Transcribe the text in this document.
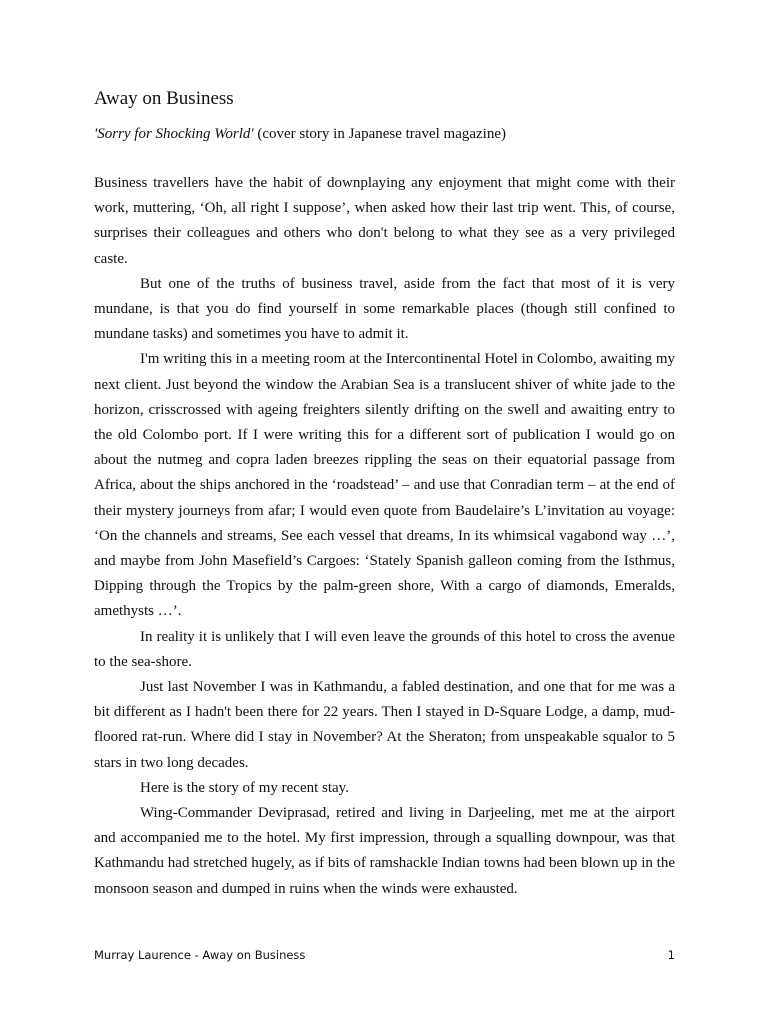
Away on Business

'Sorry for Shocking World' (cover story in Japanese travel magazine)

Business travellers have the habit of downplaying any enjoyment that might come with their work, muttering, ‘Oh, all right I suppose’, when asked how their last trip went. This, of course, surprises their colleagues and others who don't belong to what they see as a very privileged caste.

But one of the truths of business travel, aside from the fact that most of it is very mundane, is that you do find yourself in some remarkable places (though still confined to mundane tasks) and sometimes you have to admit it.

I'm writing this in a meeting room at the Intercontinental Hotel in Colombo, awaiting my next client. Just beyond the window the Arabian Sea is a translucent shiver of white jade to the horizon, crisscrossed with ageing freighters silently drifting on the swell and awaiting entry to the old Colombo port. If I were writing this for a different sort of publication I would go on about the nutmeg and copra laden breezes rippling the seas on their equatorial passage from Africa, about the ships anchored in the ‘roadstead’ – and use that Conradian term – at the end of their mystery journeys from afar; I would even quote from Baudelaire’s L’invitation au voyage: ‘On the channels and streams, See each vessel that dreams, In its whimsical vagabond way …’, and maybe from John Masefield’s Cargoes: ‘Stately Spanish galleon coming from the Isthmus, Dipping through the Tropics by the palm-green shore, With a cargo of diamonds, Emeralds, amethysts …’.

In reality it is unlikely that I will even leave the grounds of this hotel to cross the avenue to the sea-shore.

Just last November I was in Kathmandu, a fabled destination, and one that for me was a bit different as I hadn't been there for 22 years. Then I stayed in D-Square Lodge, a damp, mud-floored rat-run. Where did I stay in November? At the Sheraton; from unspeakable squalor to 5 stars in two long decades.

Here is the story of my recent stay.

Wing-Commander Deviprasad, retired and living in Darjeeling, met me at the airport and accompanied me to the hotel. My first impression, through a squalling downpour, was that Kathmandu had stretched hugely, as if bits of ramshackle Indian towns had been blown up in the monsoon season and dumped in ruins when the winds were exhausted.

Murray Laurence - Away on Business	1
